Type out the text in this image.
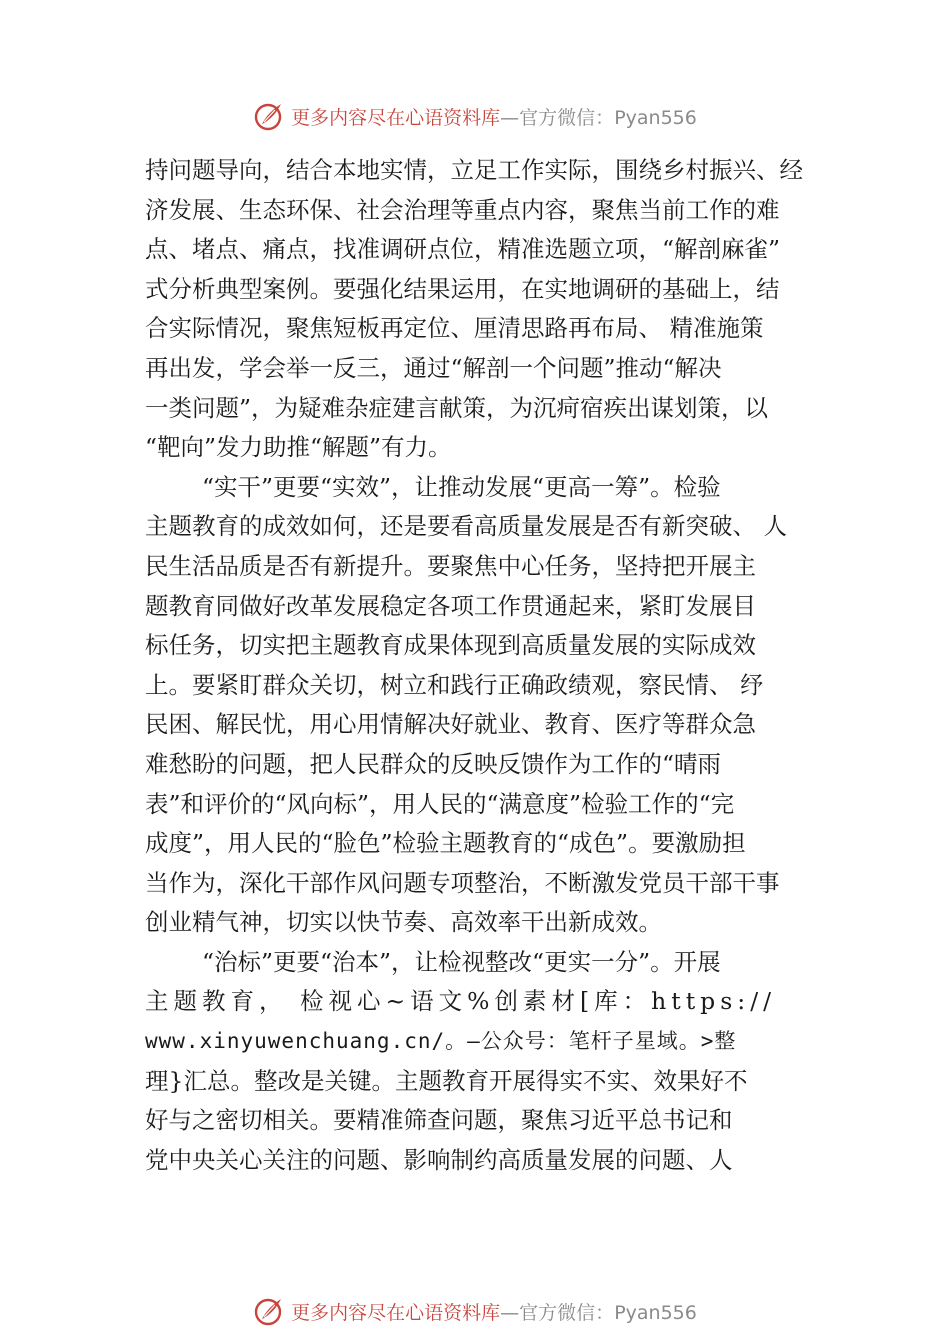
更多内容尽在心语资料库 — 官方微信： Pyan556
持问题导向，结合本地实情，立足工作实际，围绕乡村振兴、经
济发展、生态环保、社会治理等重点内容，聚焦当前工作的难
点、堵点、痛点，找准调研点位，精准选题立项，“解剖麻雀”
式分析典型案例。要强化结果运用，在实地调研的基础上，结
合实际情况，聚焦短板再定位、厘清思路再布局、 精准施策
再出发，学会举一反三，通过“解剖一个问题”推动“解决
一类问题”，为疑难杂症建言献策，为沉疴宿疾出谋划策，以
“靶向”发力助推“解题”有力。
“实干”更要“实效”，让推动发展“更高一筹”。检验
主题教育的成效如何，还是要看高质量发展是否有新突破、 人
民生活品质是否有新提升。要聚焦中心任务，坚持把开展主
题教育同做好改革发展稳定各项工作贯通起来，紧盯发展目
标任务，切实把主题教育成果体现到高质量发展的实际成效
上。要紧盯群众关切，树立和践行正确政绩观，察民情、 纾
民困、解民忧，用心用情解决好就业、教育、医疗等群众急
难愁盼的问题，把人民群众的反映反馈作为工作的“晴雨
表”和评价的“风向标”，用人民的“满意度”检验工作的“完
成度”，用人民的“脸色”检验主题教育的“成色”。要激励担
当作为，深化干部作风问题专项整治，不断激发党员干部干事
创业精气神，切实以快节奏、高效率干出新成效。
“治标”更要“治本”，让检视整改“更实一分”。开展
主题教育， 检视心~语文%创素材[库：https://
www.xinyuwenchuang.cn/。—公众号：笔杆子星域。>整
理}汇总。整改是关键。主题教育开展得实不实、效果好不
好与之密切相关。要精准筛查问题，聚焦习近平总书记和
党中央关心关注的问题、影响制约高质量发展的问题、人
更多内容尽在心语资料库 — 官方微信： Pyan556
